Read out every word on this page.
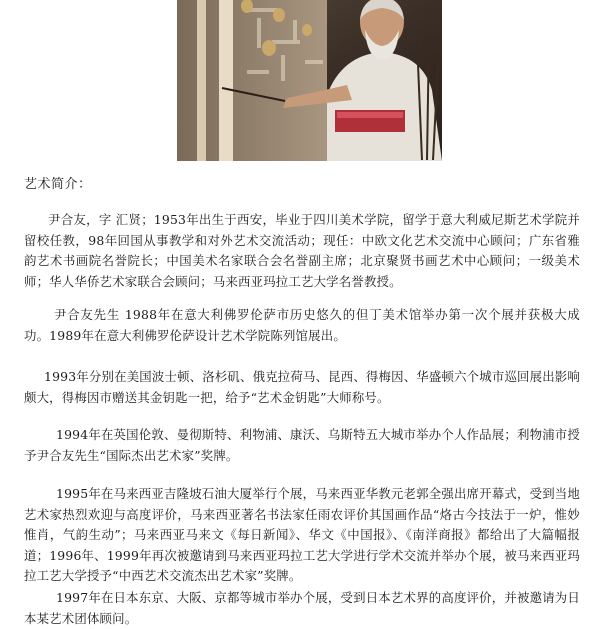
艺术简介：

尹合友，字 汇贤；1953年出生于西安，毕业于四川美术学院，留学于意大利威尼斯艺术学院并留校任教，98年回国从事教学和对外艺术交流活动；现任：中欧文化艺术交流中心顾问；广东省雅韵艺术书画院名誉院长；中国美术名家联合会名誉副主席；北京聚贤书画艺术中心顾问；一级美术师；华人华侨艺术家联合会顾问；马来西亚玛拉工艺大学名誉教授。

尹合友先生 1988年在意大利佛罗伦萨市历史悠久的但丁美术馆举办第一次个展并获极大成功。1989年在意大利佛罗伦萨设计艺术学院陈列馆展出。

1993年分别在美国波士顿、洛杉矶、俄克拉荷马、昆西、得梅因、华盛顿六个城市巡回展出影响颇大，得梅因市赠送其金钥匙一把，给予“艺术金钥匙”大师称号。

1994年在英国伦敦、曼彻斯特、利物浦、康沃、乌斯特五大城市举办个人作品展；利物浦市授予尹合友先生“国际杰出艺术家”奖牌。

1995年在马来西亚吉隆坡石油大厦举行个展，马来西亚华教元老郭全强出席开幕式，受到当地艺术家热烈欢迎与高度评价，马来西亚著名书法家任雨农评价其国画作品“烙古今技法于一炉，惟妙惟肖，气韵生动”；马来西亚马来文《每日新闻》、华文《中国报》、《南洋商报》都给出了大篇幅报道；1996年、1999年再次被邀请到马来西亚玛拉工艺大学进行学术交流并举办个展，被马来西亚玛拉工艺大学授予“中西艺术交流杰出艺术家”奖牌。

1997年在日本东京、大阪、京都等城市举办个展，受到日本艺术界的高度评价，并被邀请为日本某艺术团体顾问。
